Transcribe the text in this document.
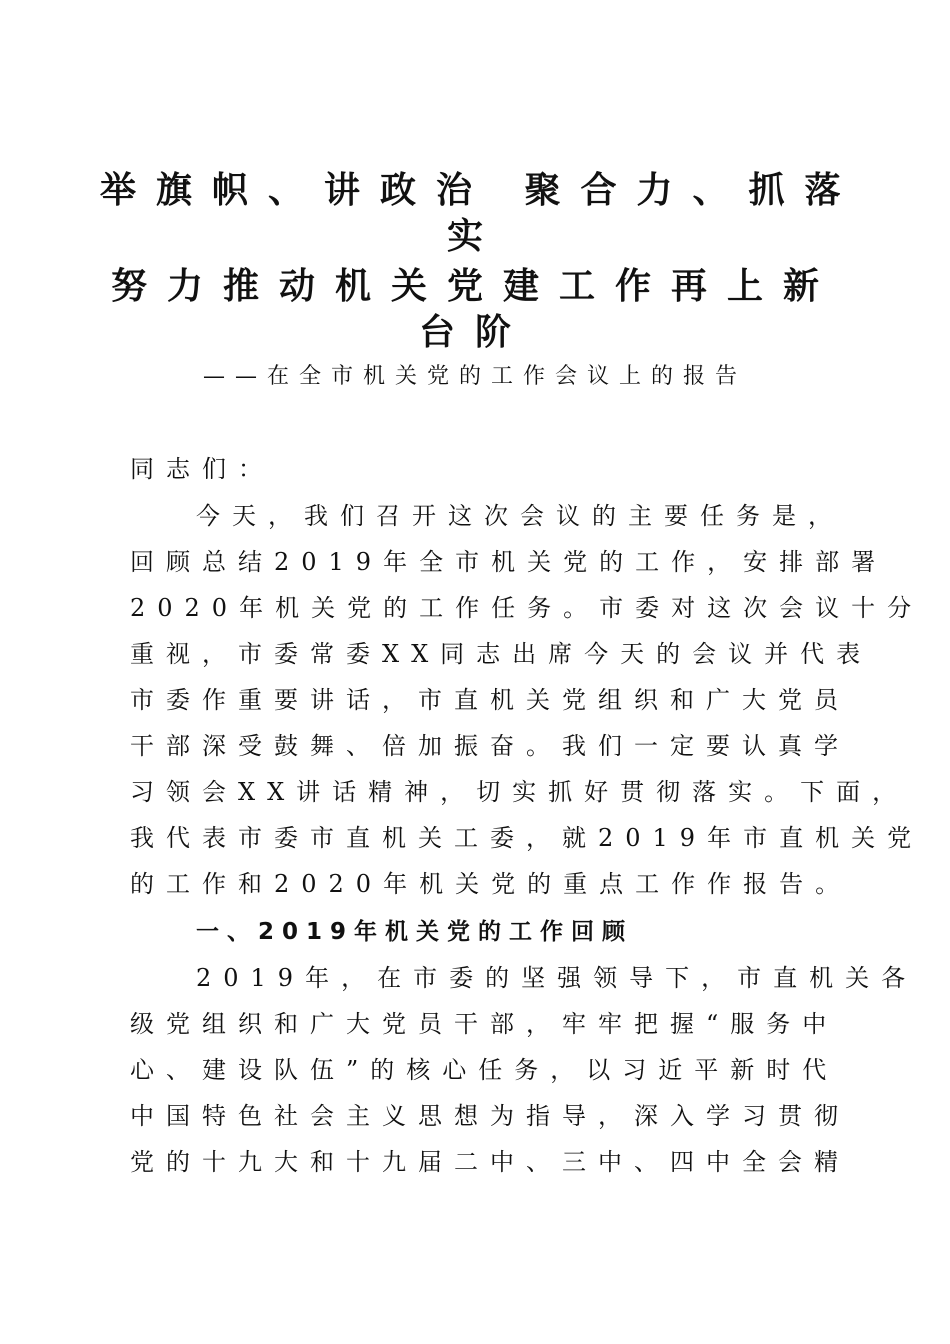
举旗帜、讲政治 聚合力、抓落
实
努力推动机关党建工作再上新
台阶
——在全市机关党的工作会议上的报告
同志们：
今天，我们召开这次会议的主要任务是，
回顾总结2019年全市机关党的工作，安排部署
2020年机关党的工作任务。市委对这次会议十分
重视，市委常委XX同志出席今天的会议并代表
市委作重要讲话，市直机关党组织和广大党员
干部深受鼓舞、倍加振奋。我们一定要认真学
习领会XX讲话精神，切实抓好贯彻落实。下面，
我代表市委市直机关工委，就2019年市直机关党
的工作和2020年机关党的重点工作作报告。
一、2019年机关党的工作回顾
2019年，在市委的坚强领导下，市直机关各
级党组织和广大党员干部，牢牢把握“服务中
心、建设队伍”的核心任务，以习近平新时代
中国特色社会主义思想为指导，深入学习贯彻
党的十九大和十九届二中、三中、四中全会精
